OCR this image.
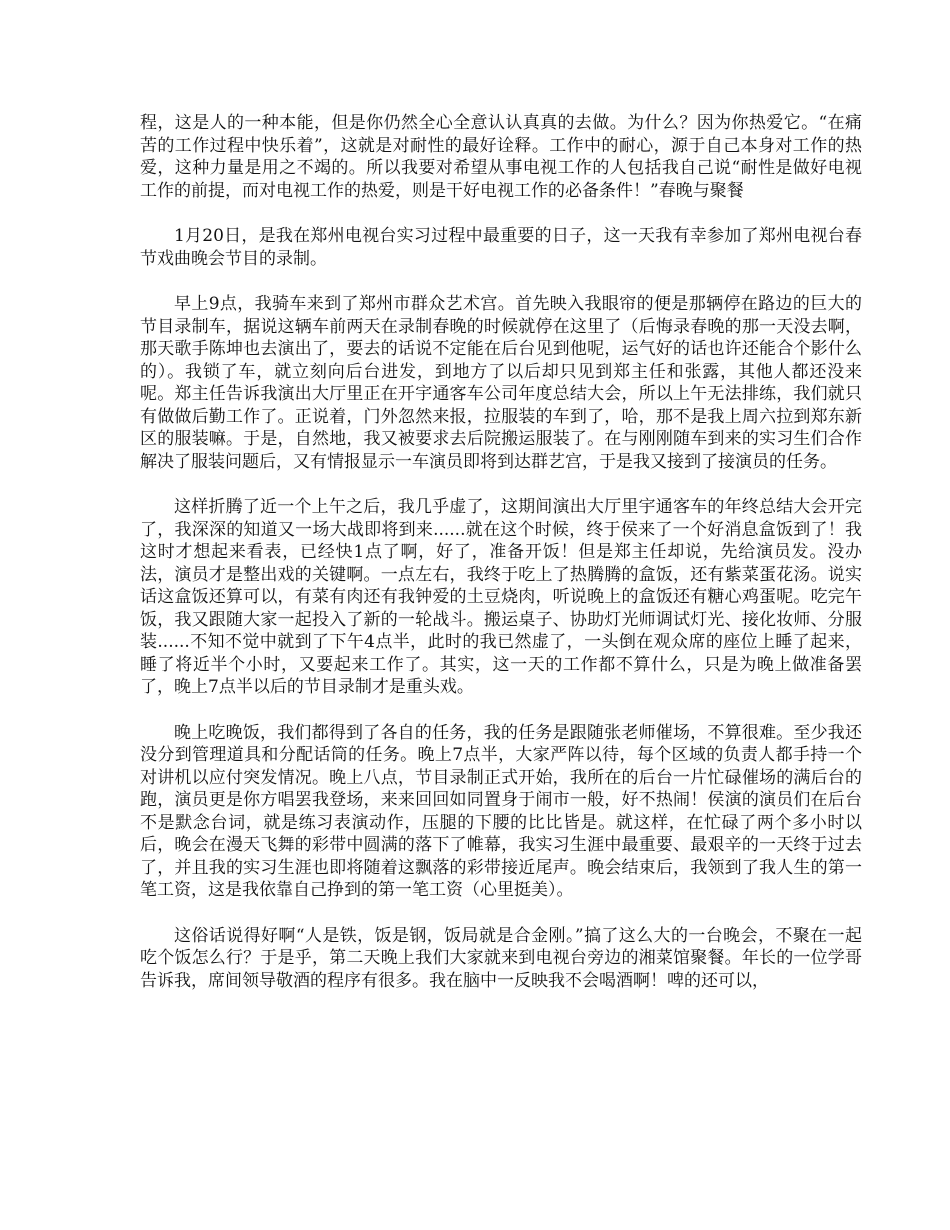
程，这是人的一种本能，但是你仍然全心全意认认真真的去做。为什么？因为你热爱它。“在痛苦的工作过程中快乐着”，这就是对耐性的最好诠释。工作中的耐心，源于自己本身对工作的热爱，这种力量是用之不竭的。所以我要对希望从事电视工作的人包括我自己说“耐性是做好电视工作的前提，而对电视工作的热爱，则是干好电视工作的必备条件！”春晚与聚餐

1月20日，是我在郑州电视台实习过程中最重要的日子，这一天我有幸参加了郑州电视台春节戏曲晚会节目的录制。

早上9点，我骑车来到了郑州市群众艺术宫。首先映入我眼帘的便是那辆停在路边的巨大的节目录制车，据说这辆车前两天在录制春晚的时候就停在这里了（后悔录春晚的那一天没去啊，那天歌手陈坤也去演出了，要去的话说不定能在后台见到他呢，运气好的话也许还能合个影什么的）。我锁了车，就立刻向后台进发，到地方了以后却只见到郑主任和张露，其他人都还没来呢。郑主任告诉我演出大厅里正在开宇通客车公司年度总结大会，所以上午无法排练，我们就只有做做后勤工作了。正说着，门外忽然来报，拉服装的车到了，哈，那不是我上周六拉到郑东新区的服装嘛。于是，自然地，我又被要求去后院搬运服装了。在与刚刚随车到来的实习生们合作解决了服装问题后，又有情报显示一车演员即将到达群艺宫，于是我又接到了接演员的任务。

这样折腾了近一个上午之后，我几乎虚了，这期间演出大厅里宇通客车的年终总结大会开完了，我深深的知道又一场大战即将到来......就在这个时候，终于侯来了一个好消息盒饭到了！我这时才想起来看表，已经快1点了啊，好了，准备开饭！但是郑主任却说，先给演员发。没办法，演员才是整出戏的关键啊。一点左右，我终于吃上了热腾腾的盒饭，还有紫菜蛋花汤。说实话这盒饭还算可以，有菜有肉还有我钟爱的土豆烧肉，听说晚上的盒饭还有糖心鸡蛋呢。吃完午饭，我又跟随大家一起投入了新的一轮战斗。搬运桌子、协助灯光师调试灯光、接化妆师、分服装......不知不觉中就到了下午4点半，此时的我已然虚了，一头倒在观众席的座位上睡了起来，睡了将近半个小时，又要起来工作了。其实，这一天的工作都不算什么，只是为晚上做准备罢了，晚上7点半以后的节目录制才是重头戏。

晚上吃晚饭，我们都得到了各自的任务，我的任务是跟随张老师催场，不算很难。至少我还没分到管理道具和分配话筒的任务。晚上7点半，大家严阵以待，每个区域的负责人都手持一个对讲机以应付突发情况。晚上八点，节目录制正式开始，我所在的后台一片忙碌催场的满后台的跑，演员更是你方唱罢我登场，来来回回如同置身于闹市一般，好不热闹！侯演的演员们在后台不是默念台词，就是练习表演动作，压腿的下腰的比比皆是。就这样，在忙碌了两个多小时以后，晚会在漫天飞舞的彩带中圆满的落下了帷幕，我实习生涯中最重要、最艰辛的一天终于过去了，并且我的实习生涯也即将随着这飘落的彩带接近尾声。晚会结束后，我领到了我人生的第一笔工资，这是我依靠自己挣到的第一笔工资（心里挺美）。

这俗话说得好啊“人是铁，饭是钢，饭局就是合金刚。”搞了这么大的一台晚会，不聚在一起吃个饭怎么行？于是乎，第二天晚上我们大家就来到电视台旁边的湘菜馆聚餐。年长的一位学哥告诉我，席间领导敬酒的程序有很多。我在脑中一反映我不会喝酒啊！啤的还可以，
